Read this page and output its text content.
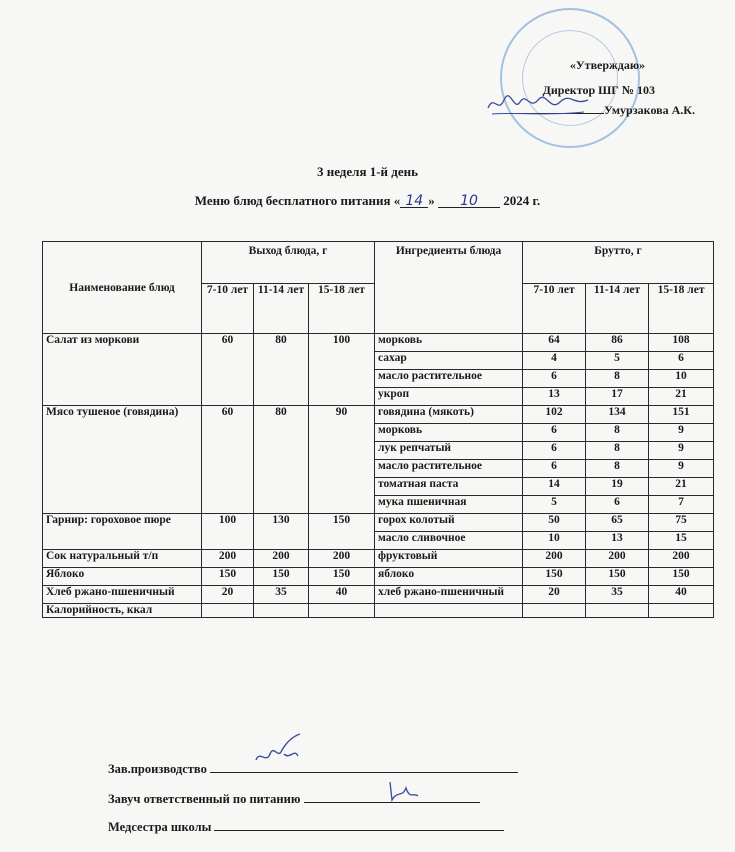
«Утверждаю»
Директор ШГ № 103
Умурзакова А.К.
3 неделя 1-й день
Меню блюд бесплатного питания « 14 » 10 2024 г.
Наименование блюд	Выход блюда, г			Ингредиенты блюда	Брутто, г		
	7-10 лет	11-14 лет	15-18 лет		7-10 лет	11-14 лет	15-18 лет
Салат из моркови	60	80	100	морковь	64	86	108
				сахар	4	5	6
				масло растительное	6	8	10
				укроп	13	17	21
Мясо тушеное (говядина)	60	80	90	говядина (мякоть)	102	134	151
				морковь	6	8	9
				лук репчатый	6	8	9
				масло растительное	6	8	9
				томатная паста	14	19	21
				мука пшеничная	5	6	7
Гарнир: гороховое пюре	100	130	150	горох колотый	50	65	75
				масло сливочное	10	13	15
Сок натуральный т/п	200	200	200	фруктовый	200	200	200
Яблоко	150	150	150	яблоко	150	150	150
Хлеб ржано-пшеничный	20	35	40	хлеб ржано-пшеничный	20	35	40
Калорийность, ккал							
Зав.производство
Завуч ответственный по питанию
Медсестра школы
